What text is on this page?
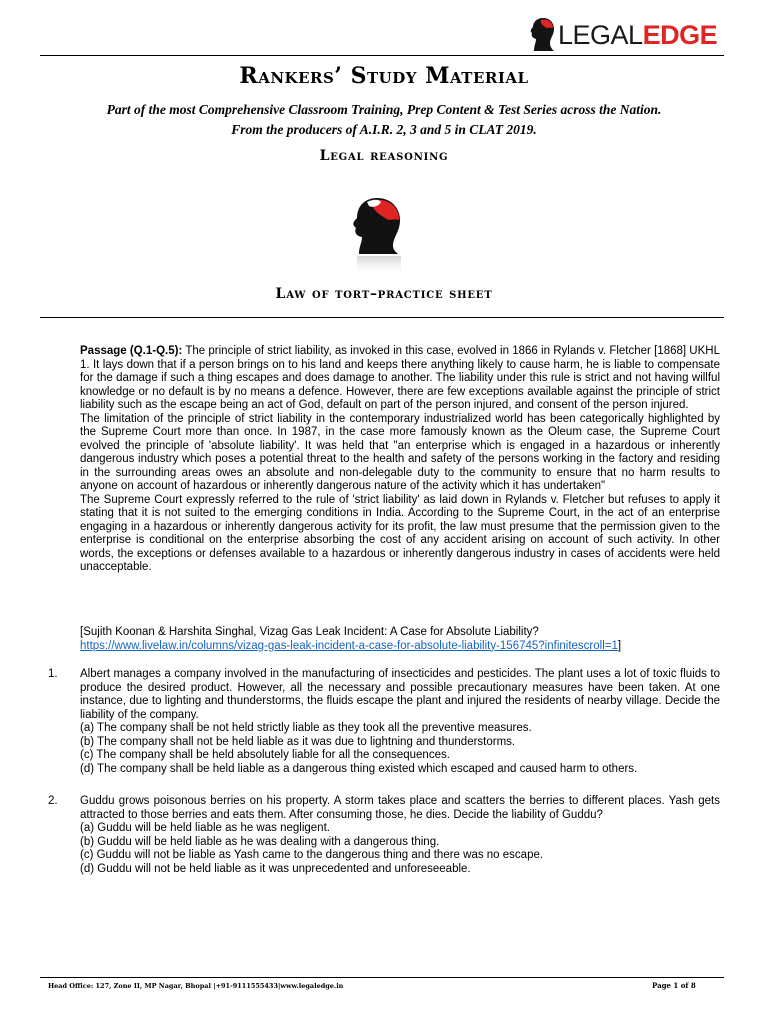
LEGALEDGE
Rankers’ Study Material
Part of the most Comprehensive Classroom Training, Prep Content & Test Series across the Nation.
From the producers of A.I.R. 2, 3 and 5 in CLAT 2019.
Legal reasoning
Law of tort–practice sheet

Passage (Q.1-Q.5): The principle of strict liability, as invoked in this case, evolved in 1866 in Rylands v. Fletcher [1868] UKHL 1. It lays down that if a person brings on to his land and keeps there anything likely to cause harm, he is liable to compensate for the damage if such a thing escapes and does damage to another. The liability under this rule is strict and not having willful knowledge or no default is by no means a defence. However, there are few exceptions available against the principle of strict liability such as the escape being an act of God, default on part of the person injured, and consent of the person injured.

The limitation of the principle of strict liability in the contemporary industrialized world has been categorically highlighted by the Supreme Court more than once. In 1987, in the case more famously known as the Oleum case, the Supreme Court evolved the principle of 'absolute liability'. It was held that "an enterprise which is engaged in a hazardous or inherently dangerous industry which poses a potential threat to the health and safety of the persons working in the factory and residing in the surrounding areas owes an absolute and non-delegable duty to the community to ensure that no harm results to anyone on account of hazardous or inherently dangerous nature of the activity which it has undertaken"

The Supreme Court expressly referred to the rule of 'strict liability' as laid down in Rylands v. Fletcher but refuses to apply it stating that it is not suited to the emerging conditions in India. According to the Supreme Court, in the act of an enterprise engaging in a hazardous or inherently dangerous activity for its profit, the law must presume that the permission given to the enterprise is conditional on the enterprise absorbing the cost of any accident arising on account of such activity. In other words, the exceptions or defenses available to a hazardous or inherently dangerous industry in cases of accidents were held unacceptable.

[Sujith Koonan & Harshita Singhal, Vizag Gas Leak Incident: A Case for Absolute Liability?
https://www.livelaw.in/columns/vizag-gas-leak-incident-a-case-for-absolute-liability-156745?infinitescroll=1]
1. Albert manages a company involved in the manufacturing of insecticides and pesticides. The plant uses a lot of toxic fluids to produce the desired product. However, all the necessary and possible precautionary measures have been taken. At one instance, due to lighting and thunderstorms, the fluids escape the plant and injured the residents of nearby village. Decide the liability of the company.
(a) The company shall be not held strictly liable as they took all the preventive measures.
(b) The company shall not be held liable as it was due to lightning and thunderstorms.
(c) The company shall be held absolutely liable for all the consequences.
(d) The company shall be held liable as a dangerous thing existed which escaped and caused harm to others.
2. Guddu grows poisonous berries on his property. A storm takes place and scatters the berries to different places. Yash gets attracted to those berries and eats them. After consuming those, he dies. Decide the liability of Guddu?
(a) Guddu will be held liable as he was negligent.
(b) Guddu will be held liable as he was dealing with a dangerous thing.
(c) Guddu will not be liable as Yash came to the dangerous thing and there was no escape.
(d) Guddu will not be held liable as it was unprecedented and unforeseeable.
Head Office: 127, Zone II, MP Nagar, Bhopal |+91-9111555433|www.legaledge.in	Page 1 of 8
